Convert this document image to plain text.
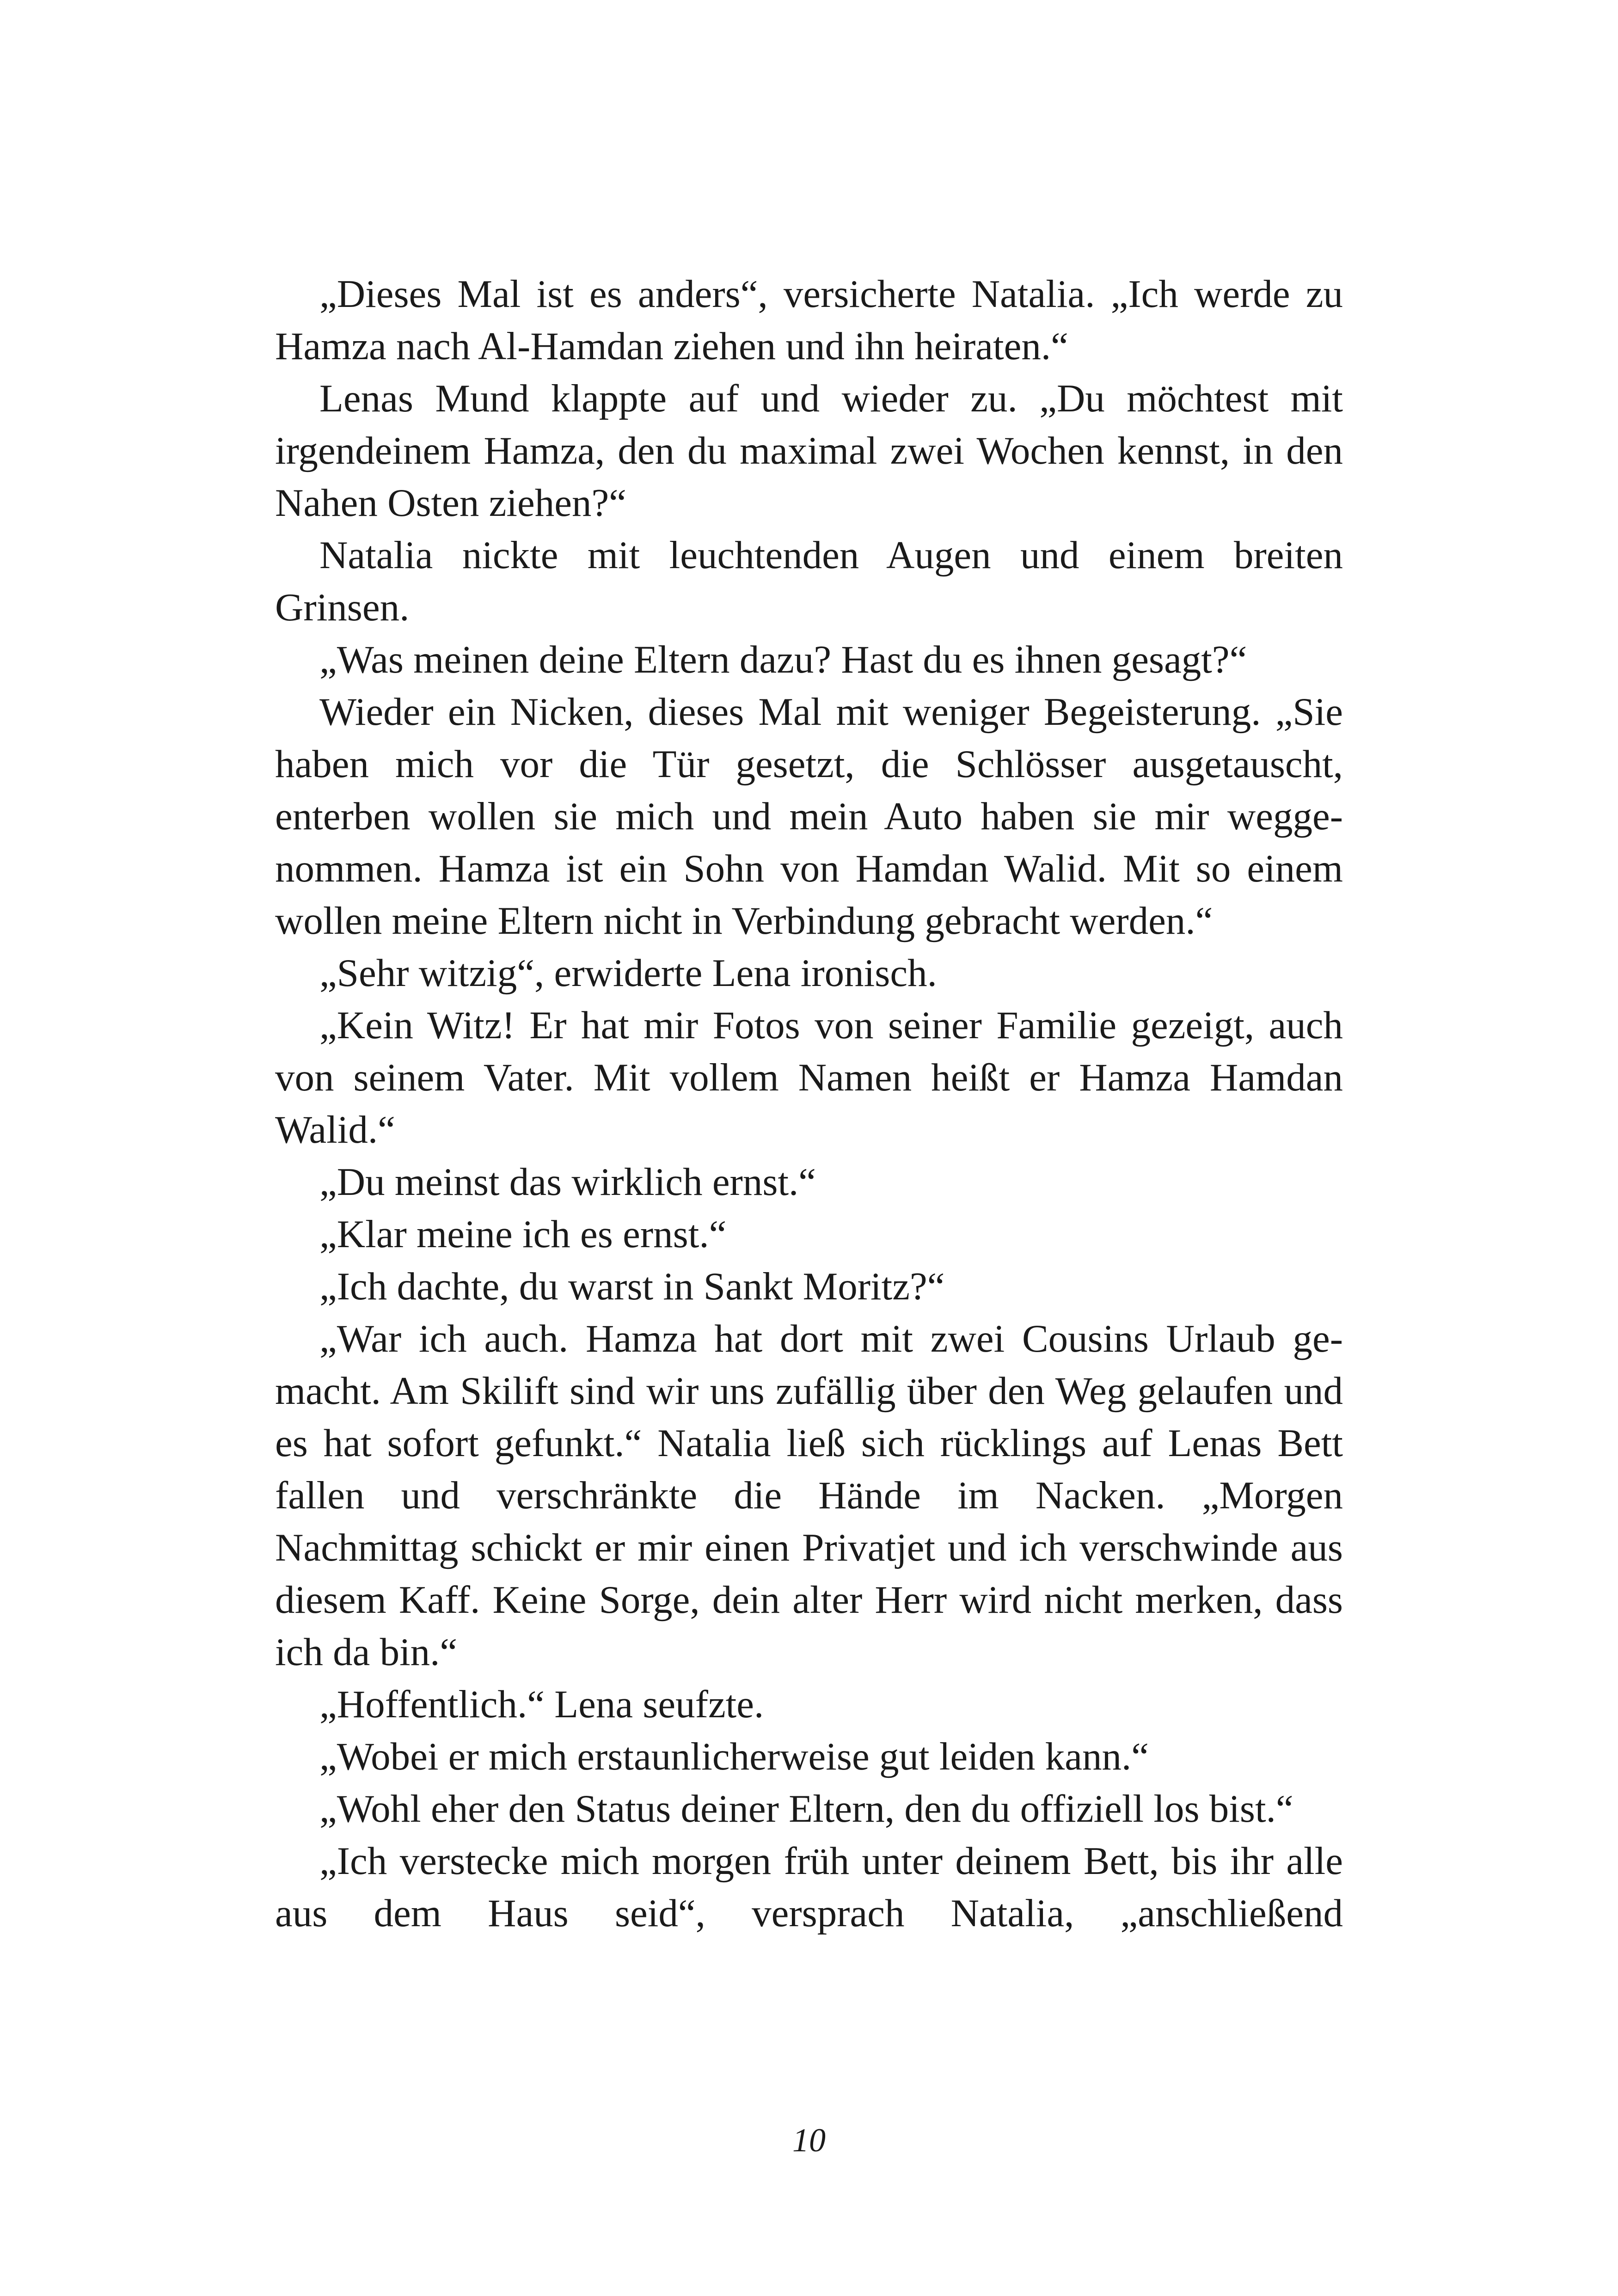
„Dieses Mal ist es anders“, versicherte Natalia. „Ich werde zu Hamza nach Al-Hamdan ziehen und ihn heiraten.“

Lenas Mund klappte auf und wieder zu. „Du möchtest mit irgendeinem Hamza, den du maximal zwei Wochen kennst, in den Nahen Osten ziehen?“

Natalia nickte mit leuchtenden Augen und einem breiten Grinsen.

„Was meinen deine Eltern dazu? Hast du es ihnen gesagt?“

Wieder ein Nicken, dieses Mal mit weniger Begeisterung. „Sie haben mich vor die Tür gesetzt, die Schlösser ausgetauscht, enterben wollen sie mich und mein Auto haben sie mir weggenommen. Hamza ist ein Sohn von Hamdan Walid. Mit so einem wollen meine Eltern nicht in Verbindung gebracht werden.“

„Sehr witzig“, erwiderte Lena ironisch.

„Kein Witz! Er hat mir Fotos von seiner Familie gezeigt, auch von seinem Vater. Mit vollem Namen heißt er Hamza Hamdan Walid.“

„Du meinst das wirklich ernst.“

„Klar meine ich es ernst.“

„Ich dachte, du warst in Sankt Moritz?“

„War ich auch. Hamza hat dort mit zwei Cousins Urlaub gemacht. Am Skilift sind wir uns zufällig über den Weg gelaufen und es hat sofort gefunkt.“ Natalia ließ sich rücklings auf Lenas Bett fallen und verschränkte die Hände im Nacken. „Morgen Nachmittag schickt er mir einen Privatjet und ich verschwinde aus diesem Kaff. Keine Sorge, dein alter Herr wird nicht merken, dass ich da bin.“

„Hoffentlich.“ Lena seufzte.

„Wobei er mich erstaunlicherweise gut leiden kann.“

„Wohl eher den Status deiner Eltern, den du offiziell los bist.“

„Ich verstecke mich morgen früh unter deinem Bett, bis ihr alle aus dem Haus seid“, versprach Natalia, „anschließend

10
